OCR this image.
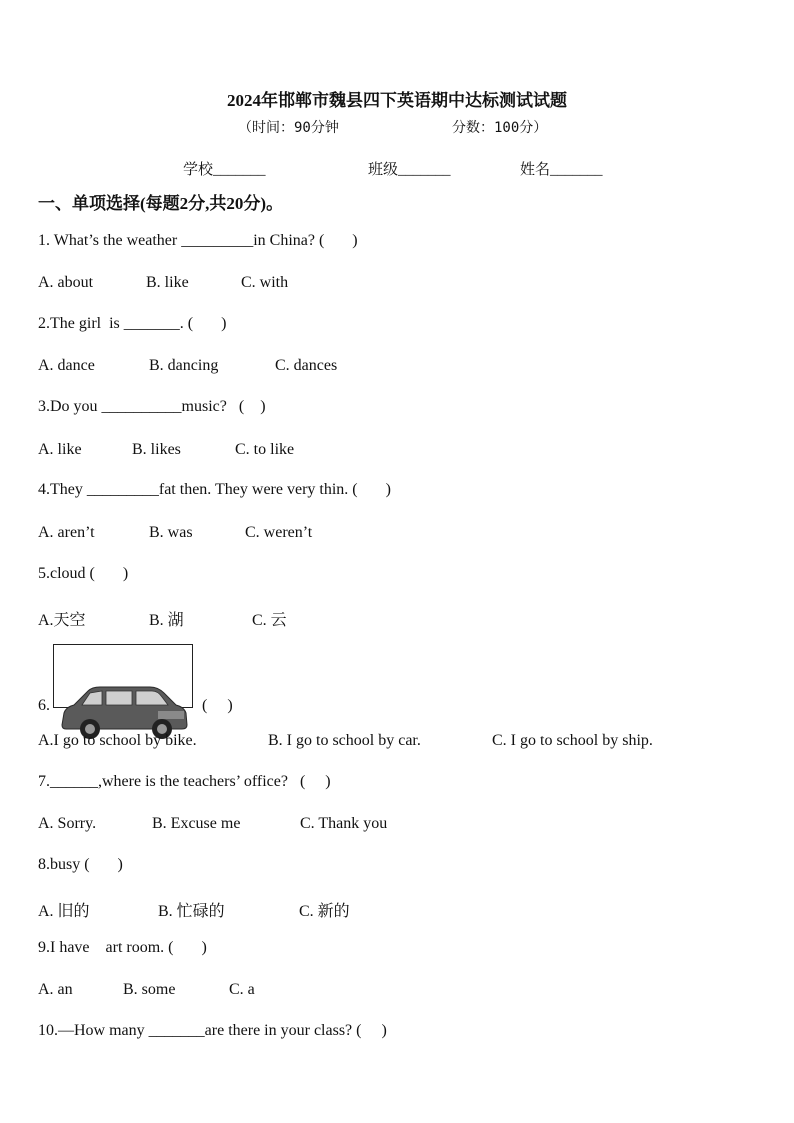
2024年邯郸市魏县四下英语期中达标测试试题
（时间：90分钟	分数：100分）
学校_______	班级_______	姓名_______
一、单项选择(每题2分,共20分)。
1. What’s the weather _________in China? (       )
A. about	B. like	C. with
2.The girl  is _______. (       )
A. dance	B. dancing	C. dances
3.Do you __________music?   (    )
A. like	B. likes	C. to like
4.They _________fat then. They were very thin. (       )
A. aren’t	B. was	C. weren’t
5.cloud (       )
A.天空	B. 湖	C. 云
6.

	(     )
A.I go to school by bike.	B. I go to school by car.	C. I go to school by ship.
7.______,where is the teachers’ office?   (     )
A. Sorry.	B. Excuse me	C. Thank you
8.busy (       )
A. 旧的	B. 忙碌的	C. 新的
9.I have    art room. (       )
A. an	B. some	C. a
10.—How many _______are there in your class? (     )
